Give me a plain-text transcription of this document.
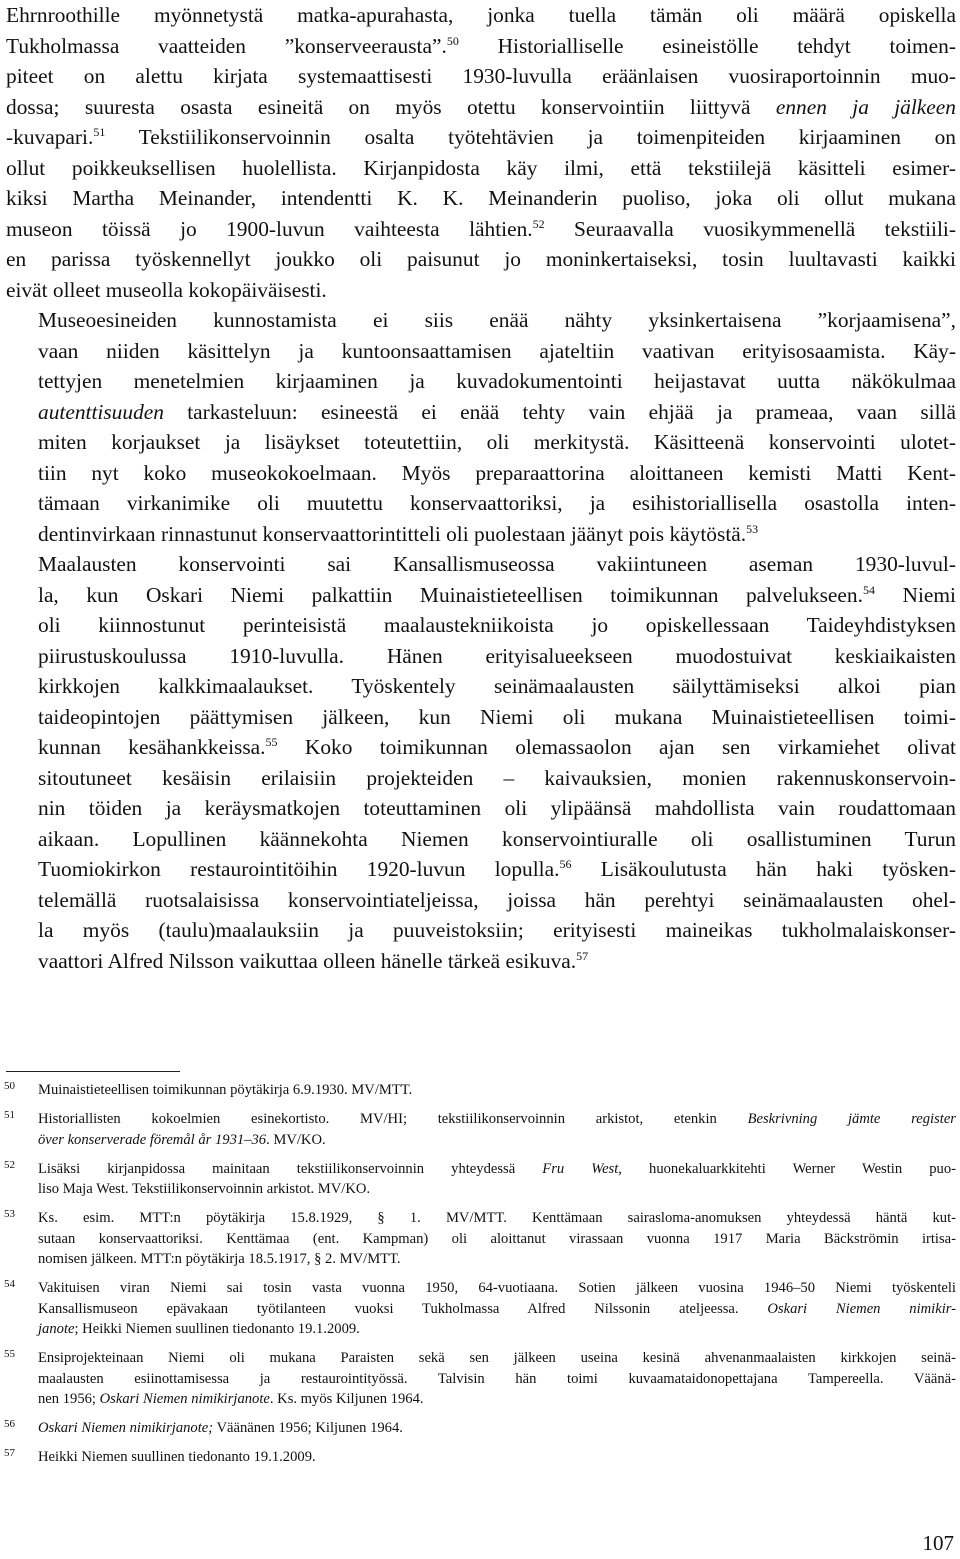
Ehrnroothille myönnetystä matka-apurahasta, jonka tuella tämän oli määrä opiskella
Tukholmassa vaatteiden ”konserveerausta”.$^{50}$ Historialliselle esineistölle tehdyt toimen-
piteet on alettu kirjata systemaattisesti 1930-luvulla eräänlaisen vuosiraportoinnin muo-
dossa; suuresta osasta esineitä on myös otettu konservointiin liittyvä ennen ja jälkeen
-kuvapari.$^{51}$ Tekstiilikonservoinnin osalta työtehtävien ja toimenpiteiden kirjaaminen on
ollut poikkeuksellisen huolellista. Kirjanpidosta käy ilmi, että tekstiilejä käsitteli esimer-
kiksi Martha Meinander, intendentti K. K. Meinanderin puoliso, joka oli ollut mukana
museon töissä jo 1900-luvun vaihteesta lähtien.$^{52}$ Seuraavalla vuosikymmenellä tekstiili-
en parissa työskennellyt joukko oli paisunut jo moninkertaiseksi, tosin luultavasti kaikki
eivät olleet museolla kokopäiväisesti.

Museoesineiden kunnostamista ei siis enää nähty yksinkertaisena ”korjaamisena”,
vaan niiden käsittelyn ja kuntoonsaattamisen ajateltiin vaativan erityisosaamista. Käy-
tettyjen menetelmien kirjaaminen ja kuvadokumentointi heijastavat uutta näkökulmaa
autenttisuuden tarkasteluun: esineestä ei enää tehty vain ehjää ja prameaa, vaan sillä
miten korjaukset ja lisäykset toteutettiin, oli merkitystä. Käsitteenä konservointi ulotet-
tiin nyt koko museokokoelmaan. Myös preparaattorina aloittaneen kemisti Matti Kent-
tämaan virkanimike oli muutettu konservaattoriksi, ja esihistoriallisella osastolla inten-
dentinvirkaan rinnastunut konservaattorintitteli oli puolestaan jäänyt pois käytöstä.$^{53}$

Maalausten konservointi sai Kansallismuseossa vakiintuneen aseman 1930-luvul-
la, kun Oskari Niemi palkattiin Muinaistieteellisen toimikunnan palvelukseen.$^{54}$ Niemi
oli kiinnostunut perinteisistä maalaustekniikoista jo opiskellessaan Taideyhdistyksen
piirustuskoulussa 1910-luvulla. Hänen erityisalueekseen muodostuivat keskiaikaisten
kirkkojen kalkkimaalaukset. Työskentely seinämaalausten säilyttämiseksi alkoi pian
taideopintojen päättymisen jälkeen, kun Niemi oli mukana Muinaistieteellisen toimi-
kunnan kesähankkeissa.$^{55}$ Koko toimikunnan olemassaolon ajan sen virkamiehet olivat
sitoutuneet kesäisin erilaisiin projekteiden – kaivauksien, monien rakennuskonservoin-
nin töiden ja keräysmatkojen toteuttaminen oli ylipäänsä mahdollista vain roudattomaan
aikaan. Lopullinen käännekohta Niemen konservointiuralle oli osallistuminen Turun
Tuomiokirkon restaurointitöihin 1920-luvun lopulla.$^{56}$ Lisäkoulutusta hän haki työsken-
telemällä ruotsalaisissa konservointiateljeissa, joissa hän perehtyi seinämaalausten ohel-
la myös (taulu)maalauksiin ja puuveistoksiin; erityisesti maineikas tukholmalaiskonser-
vaattori Alfred Nilsson vaikuttaa olleen hänelle tärkeä esikuva.$^{57}$

50 Muinaistieteellisen toimikunnan pöytäkirja 6.9.1930. MV/MTT.
51 Historiallisten kokoelmien esinekortisto. MV/HI; tekstiilikonservoinnin arkistot, etenkin Beskrivning jämte register
över konserverade föremål år 1931–36. MV/KO.
52 Lisäksi kirjanpidossa mainitaan tekstiilikonservoinnin yhteydessä Fru West, huonekaluarkkitehti Werner Westin puo-
liso Maja West. Tekstiilikonservoinnin arkistot. MV/KO.
53 Ks. esim. MTT:n pöytäkirja 15.8.1929, § 1. MV/MTT. Kenttämaan sairasloma-anomuksen yhteydessä häntä kut-
sutaan konservaattoriksi. Kenttämaa (ent. Kampman) oli aloittanut virassaan vuonna 1917 Maria Bäckströmin irtisa-
nomisen jälkeen. MTT:n pöytäkirja 18.5.1917, § 2. MV/MTT.
54 Vakituisen viran Niemi sai tosin vasta vuonna 1950, 64-vuotiaana. Sotien jälkeen vuosina 1946–50 Niemi työskenteli
Kansallismuseon epävakaan työtilanteen vuoksi Tukholmassa Alfred Nilssonin ateljeessa. Oskari Niemen nimikir-
janote; Heikki Niemen suullinen tiedonanto 19.1.2009.
55 Ensiprojekteinaan Niemi oli mukana Paraisten sekä sen jälkeen useina kesinä ahvenanmaalaisten kirkkojen seinä-
maalausten esiinottamisessa ja restaurointityössä. Talvisin hän toimi kuvaamataidonopettajana Tampereella. Väänä-
nen 1956; Oskari Niemen nimikirjanote. Ks. myös Kiljunen 1964.
56 Oskari Niemen nimikirjanote; Väänänen 1956; Kiljunen 1964.
57 Heikki Niemen suullinen tiedonanto 19.1.2009.
107
